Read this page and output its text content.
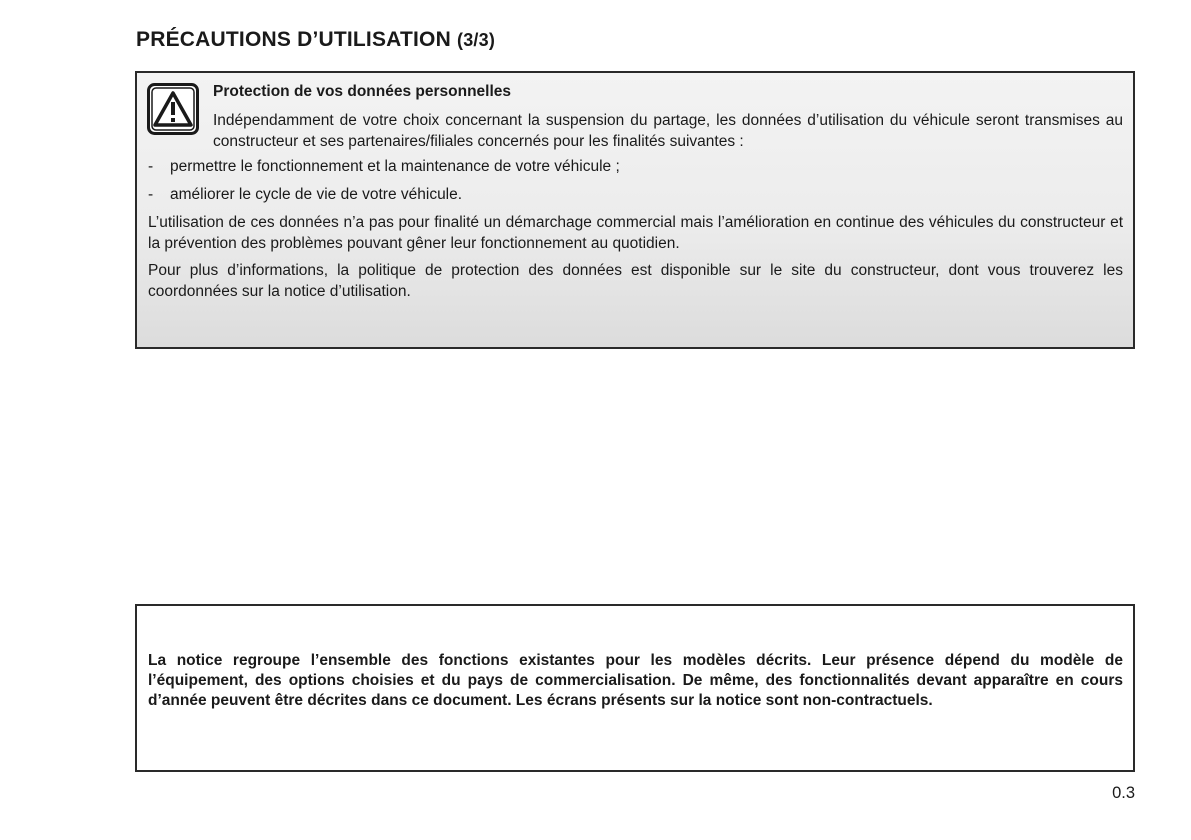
PRÉCAUTIONS D’UTILISATION (3/3)
Protection de vos données personnelles
Indépendamment de votre choix concernant la suspension du partage, les données d’utilisation du véhicule seront transmises au constructeur et ses partenaires/filiales concernés pour les finalités suivantes :
- permettre le fonctionnement et la maintenance de votre véhicule ;
- améliorer le cycle de vie de votre véhicule.
L’utilisation de ces données n’a pas pour finalité un démarchage commercial mais l’amélioration en continue des véhicules du constructeur et la prévention des problèmes pouvant gêner leur fonctionnement au quotidien.
Pour plus d’informations, la politique de protection des données est disponible sur le site du constructeur, dont vous trouverez les coordonnées sur la notice d’utilisation.
La notice regroupe l’ensemble des fonctions existantes pour les modèles décrits. Leur présence dépend du modèle de l’équipement, des options choisies et du pays de commercialisation. De même, des fonctionnalités devant apparaître en cours d’année peuvent être décrites dans ce document. Les écrans présents sur la notice sont non-contractuels.
0.3
